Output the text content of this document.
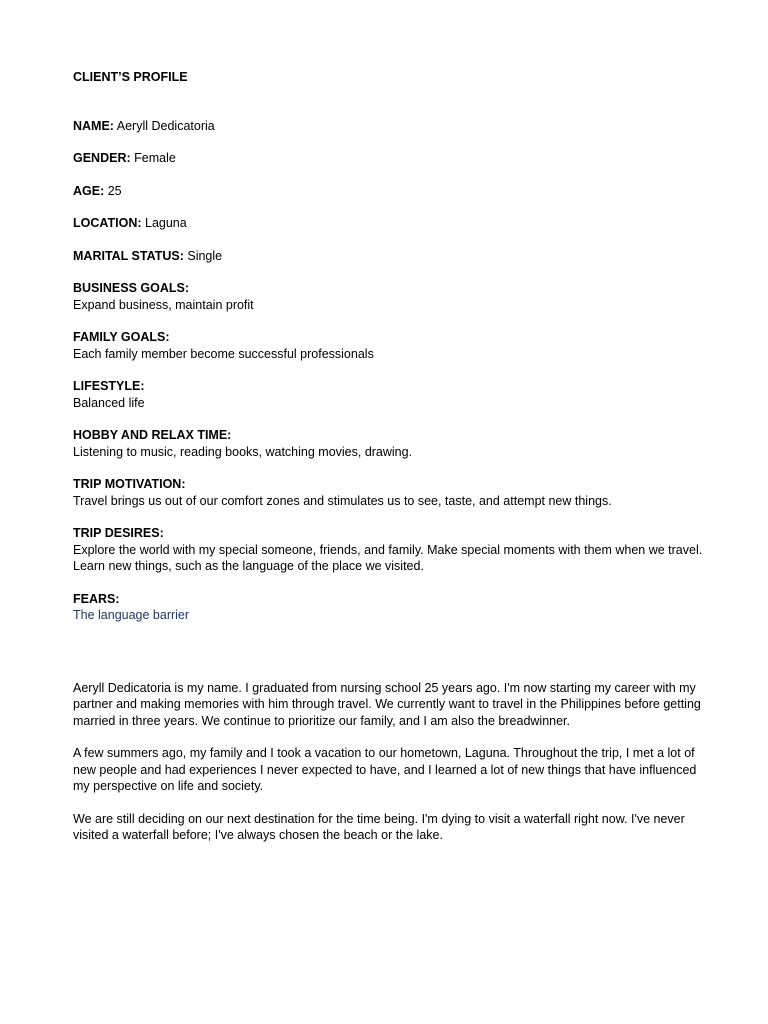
CLIENT’S PROFILE
NAME: Aeryll Dedicatoria
GENDER: Female
AGE: 25
LOCATION: Laguna
MARITAL STATUS: Single
BUSINESS GOALS:
Expand business, maintain profit
FAMILY GOALS:
Each family member become successful professionals
LIFESTYLE:
Balanced life
HOBBY AND RELAX TIME:
Listening to music, reading books, watching movies, drawing.
TRIP MOTIVATION:
Travel brings us out of our comfort zones and stimulates us to see, taste, and attempt new things.
TRIP DESIRES:
Explore the world with my special someone, friends, and family. Make special moments with them when we travel. Learn new things, such as the language of the place we visited.
FEARS:
The language barrier

Aeryll Dedicatoria is my name. I graduated from nursing school 25 years ago. I'm now starting my career with my partner and making memories with him through travel. We currently want to travel in the Philippines before getting married in three years. We continue to prioritize our family, and I am also the breadwinner.

A few summers ago, my family and I took a vacation to our hometown, Laguna. Throughout the trip, I met a lot of new people and had experiences I never expected to have, and I learned a lot of new things that have influenced my perspective on life and society.

We are still deciding on our next destination for the time being. I'm dying to visit a waterfall right now. I've never visited a waterfall before; I've always chosen the beach or the lake.
